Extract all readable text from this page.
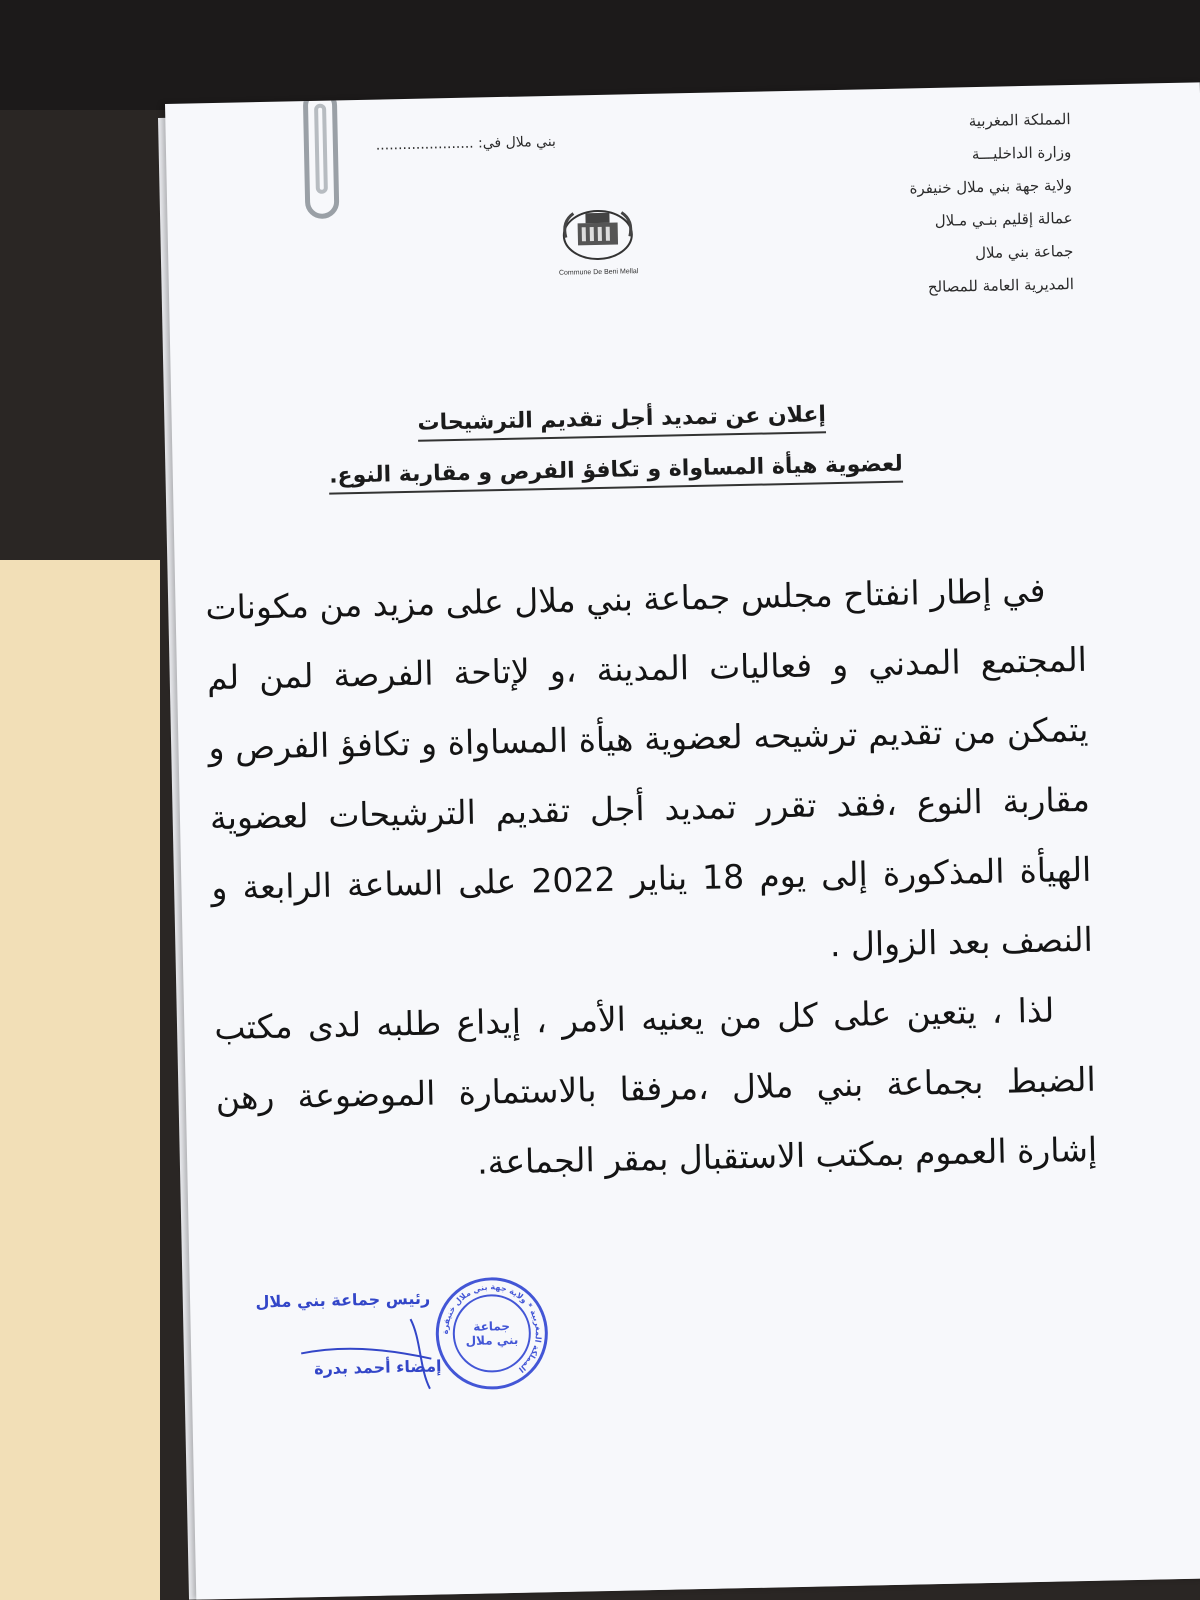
بني ملال في: ......................
Commune De Beni Mellal
المملكة المغربية
وزارة الداخليـــة
ولاية جهة بني ملال خنيفرة
عمالة إقليم بنـي مـلال
جماعة بني ملال
المديرية العامة للمصالح
إعلان عن تمديد أجل تقديم الترشيحات
لعضوية هيأة المساواة و تكافؤ الفرص و مقاربة النوع.

في إطار انفتاح مجلس جماعة بني ملال على مزيد من مكونات المجتمع المدني و فعاليات المدينة ،و لإتاحة الفرصة لمن لم يتمكن من تقديم ترشيحه لعضوية هيأة المساواة و تكافؤ الفرص و مقاربة النوع ،فقد تقرر تمديد أجل تقديم الترشيحات لعضوية الهيأة المذكورة إلى يوم 18 يناير 2022 على الساعة الرابعة و النصف بعد الزوال .

لذا ، يتعين على كل من يعنيه الأمر ، إيداع طلبه لدى مكتب الضبط بجماعة بني ملال ،مرفقا بالاستمارة الموضوعة رهن إشارة العموم بمكتب الاستقبال بمقر الجماعة.

رئيس جماعة بني ملال
إمضاء أحمد بدرة
المملكة المغربية * ولاية جهة بني ملال خنيفرة
جماعة
بني ملال
